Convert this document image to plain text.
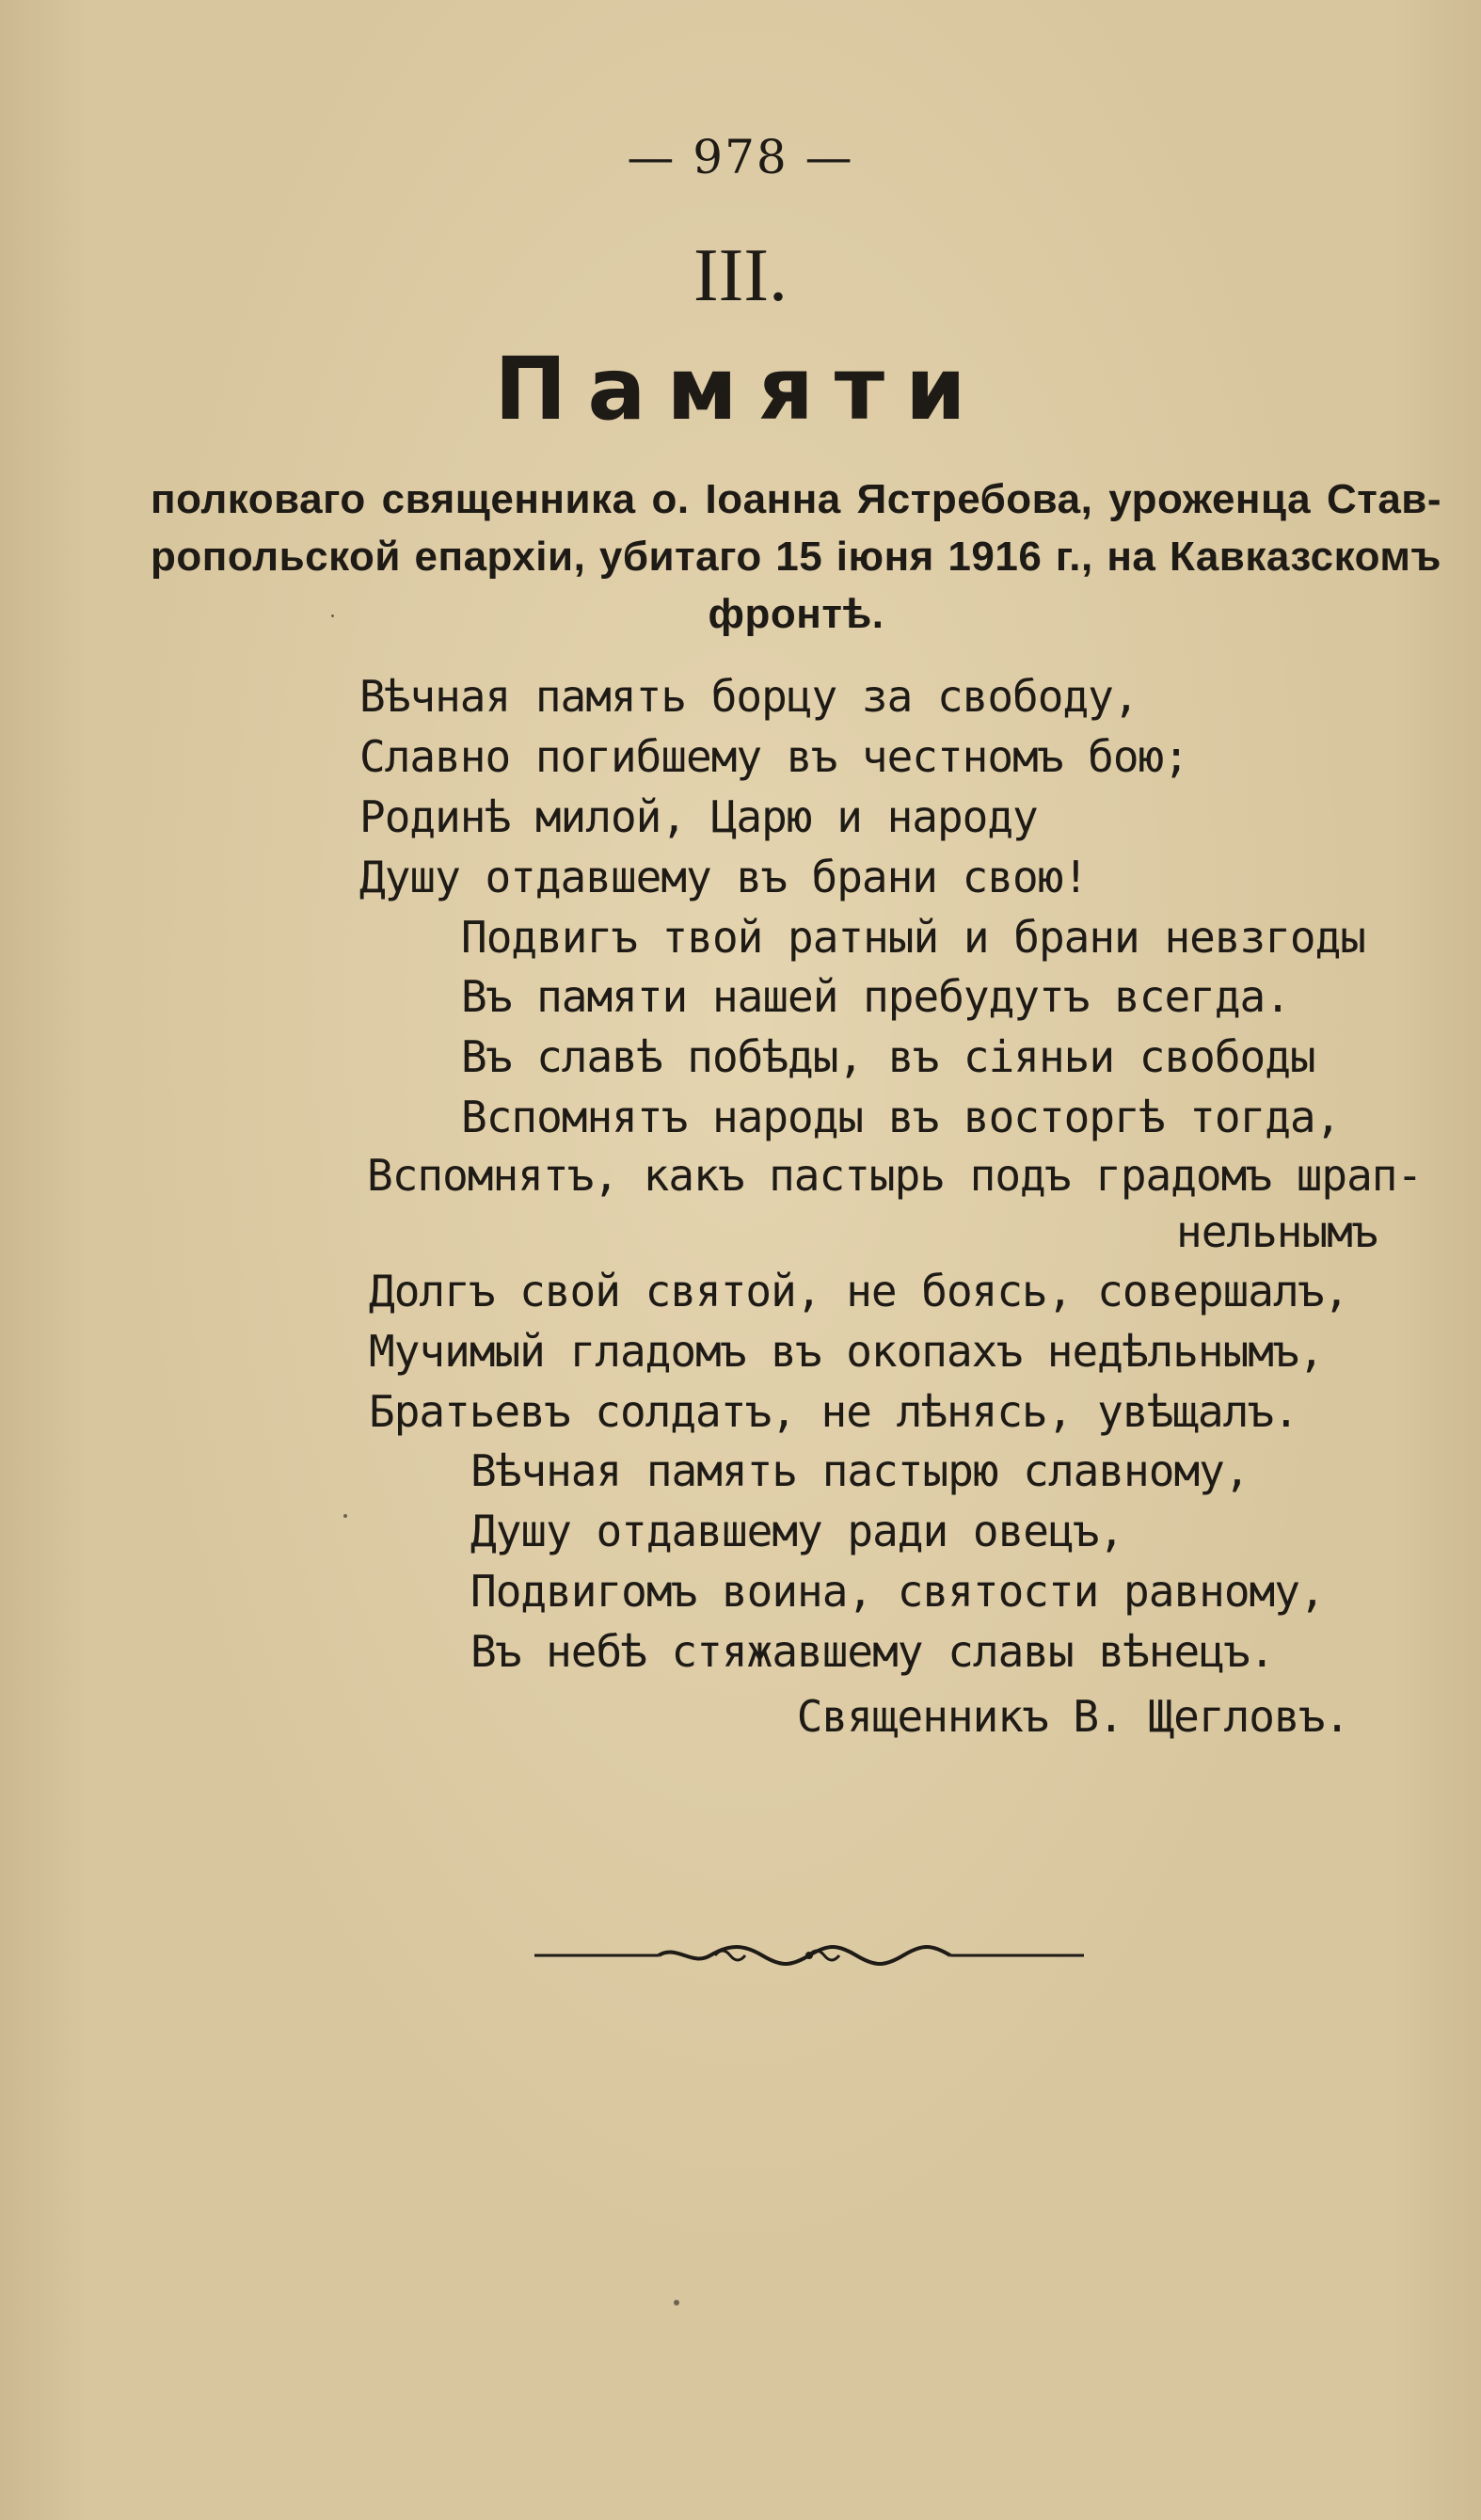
— 978 —
III.
Памяти
полковаго священника о. Іоанна Ястребова, уроженца Став-
ропольской епархіи, убитаго 15 іюня 1916 г., на Кавказскомъ
фронтѣ.
Вѣчная память борцу за свободу,
Славно погибшему въ честномъ бою;
Родинѣ милой, Царю и народу
Душу отдавшему въ брани свою!
Подвигъ твой ратный и брани невзгоды
Въ памяти нашей пребудутъ всегда.
Въ славѣ побѣды, въ сіяньи свободы
Вспомнятъ народы въ восторгѣ тогда,
Вспомнятъ, какъ пастырь подъ градомъ шрап-
нельнымъ
Долгъ свой святой, не боясь, совершалъ,
Мучимый гладомъ въ окопахъ недѣльнымъ,
Братьевъ солдатъ, не лѣнясь, увѣщалъ.
Вѣчная память пастырю славному,
Душу отдавшему ради овецъ,
Подвигомъ воина, святости равному,
Въ небѣ стяжавшему славы вѣнецъ.
Священникъ В. Щегловъ.
